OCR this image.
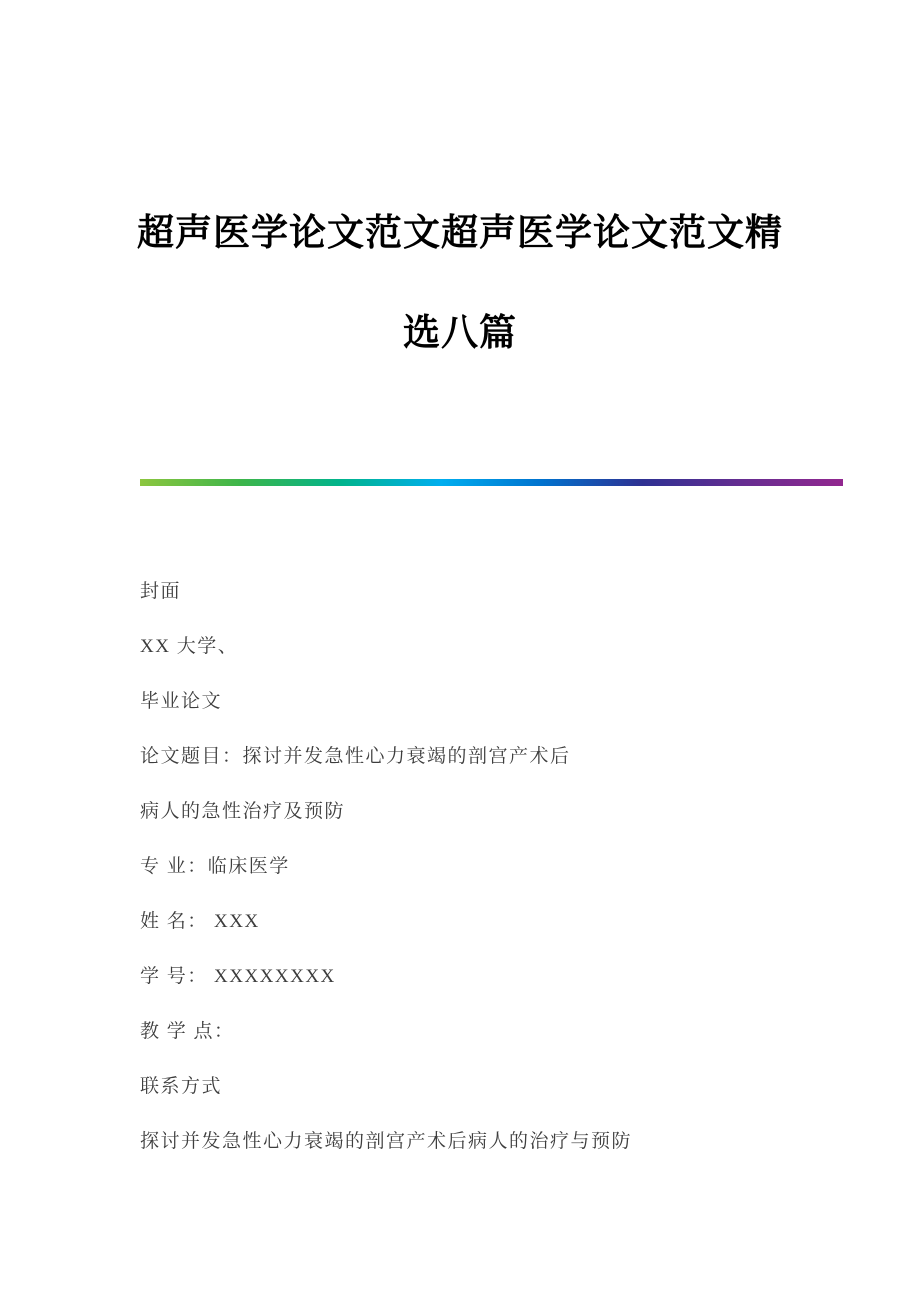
超声医学论文范文超声医学论文范文精
选八篇

封面

XX 大学、

毕业论文

论文题目：探讨并发急性心力衰竭的剖宫产术后

病人的急性治疗及预防

专 业：临床医学

姓 名： XXX

学 号： XXXXXXXX

教 学 点：

联系方式

探讨并发急性心力衰竭的剖宫产术后病人的治疗与预防
